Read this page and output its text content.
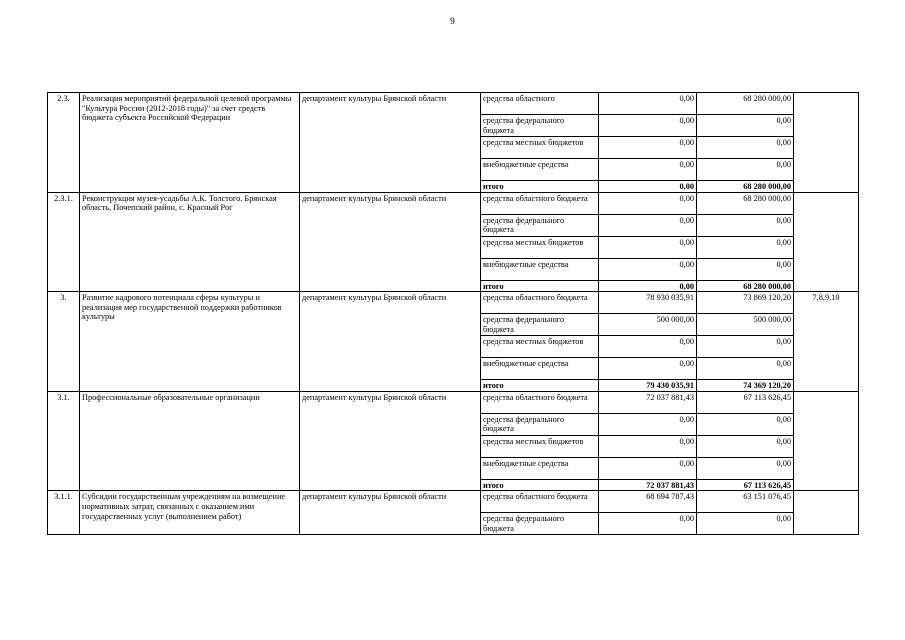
9
2.3.	Реализация мероприятий федеральной целевой программы "Культура России (2012-2018 годы)" за счет средств бюджета субъекта Российской Федерации	департамент культуры Брянской области	средства областного	0,00	68 280 000,00	
			средства федерального бюджета	0,00	0,00	
			средства местных бюджетов	0,00	0,00	
			внебюджетные средства	0,00	0,00	
			итого	0,00	68 280 000,00	
2.3.1.	Реконструкция музея-усадьбы А.К. Толстого. Брянская область, Почепский район, с. Красный Рог	департамент культуры Брянской области	средства областного бюджета	0,00	68 280 000,00	
			средства федерального бюджета	0,00	0,00	
			средства местных бюджетов	0,00	0,00	
			внебюджетные средства	0,00	0,00	
			итого	0,00	68 280 000,00	
3.	Развитие кадрового потенциала сферы культуры и реализация мер государственной поддержки работников культуры	департамент культуры Брянской области	средства областного бюджета	78 930 035,91	73 869 120,20	7,8,9,10
			средства федерального бюджета	500 000,00	500 000,00	
			средства местных бюджетов	0,00	0,00	
			внебюджетные средства	0,00	0,00	
			итого	79 430 035,91	74 369 120,20	
3.1.	Профессиональные образовательные организации	департамент культуры Брянской области	средства областного бюджета	72 037 881,43	67 113 626,45	
			средства федерального бюджета	0,00	0,00	
			средства местных бюджетов	0,00	0,00	
			внебюджетные средства	0,00	0,00	
			итого	72 037 881,43	67 113 626,45	
3.1.1.	Субсидии государственным учреждениям на возмещение нормативных затрат, связанных с оказанием ими государственных услуг (выполнением работ)	департамент культуры Брянской области	средства областного бюджета	68 694 787,43	63 151 076,45	
			средства федерального бюджета	0,00	0,00	
